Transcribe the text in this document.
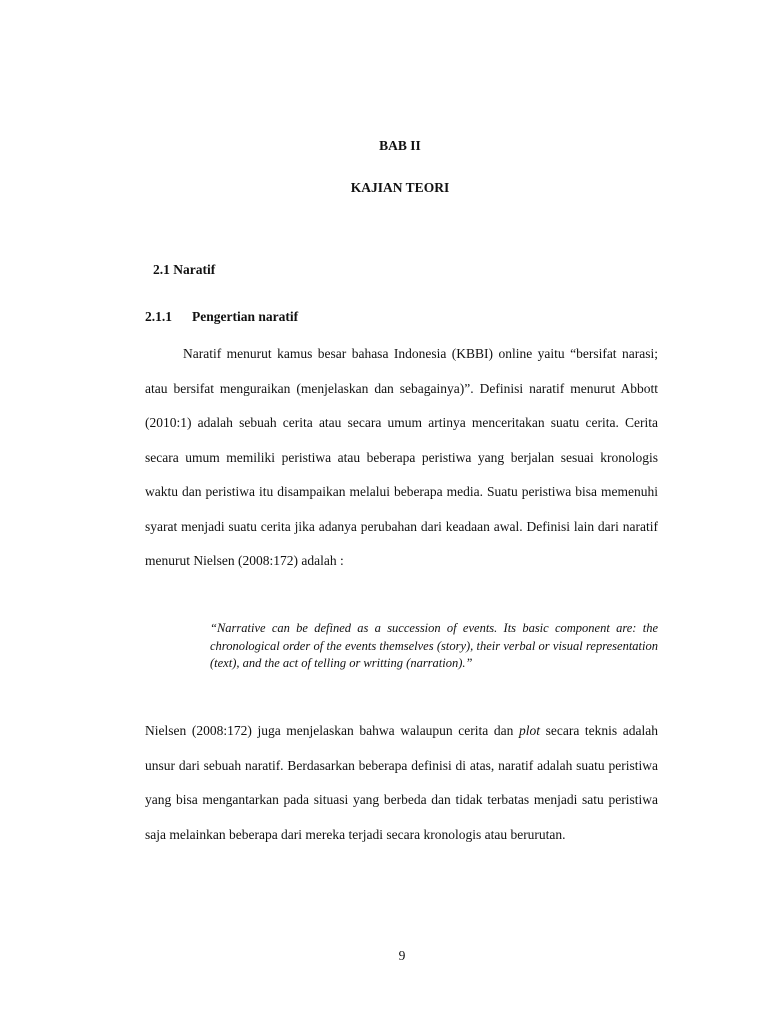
BAB II
KAJIAN TEORI
2.1 Naratif
2.1.1 Pengertian naratif

Naratif menurut kamus besar bahasa Indonesia (KBBI) online yaitu “bersifat narasi; atau bersifat menguraikan (menjelaskan dan sebagainya)”. Definisi naratif menurut Abbott (2010:1) adalah sebuah cerita atau secara umum artinya menceritakan suatu cerita. Cerita secara umum memiliki peristiwa atau beberapa peristiwa yang berjalan sesuai kronologis waktu dan peristiwa itu disampaikan melalui beberapa media. Suatu peristiwa bisa memenuhi syarat menjadi suatu cerita jika adanya perubahan dari keadaan awal. Definisi lain dari naratif menurut Nielsen (2008:172) adalah :

“Narrative can be defined as a succession of events. Its basic component are: the chronological order of the events themselves (story), their verbal or visual representation (text), and the act of telling or writting (narration).”

Nielsen (2008:172) juga menjelaskan bahwa walaupun cerita dan plot secara teknis adalah unsur dari sebuah naratif. Berdasarkan beberapa definisi di atas, naratif adalah suatu peristiwa yang bisa mengantarkan pada situasi yang berbeda dan tidak terbatas menjadi satu peristiwa saja melainkan beberapa dari mereka terjadi secara kronologis atau berurutan.

9
